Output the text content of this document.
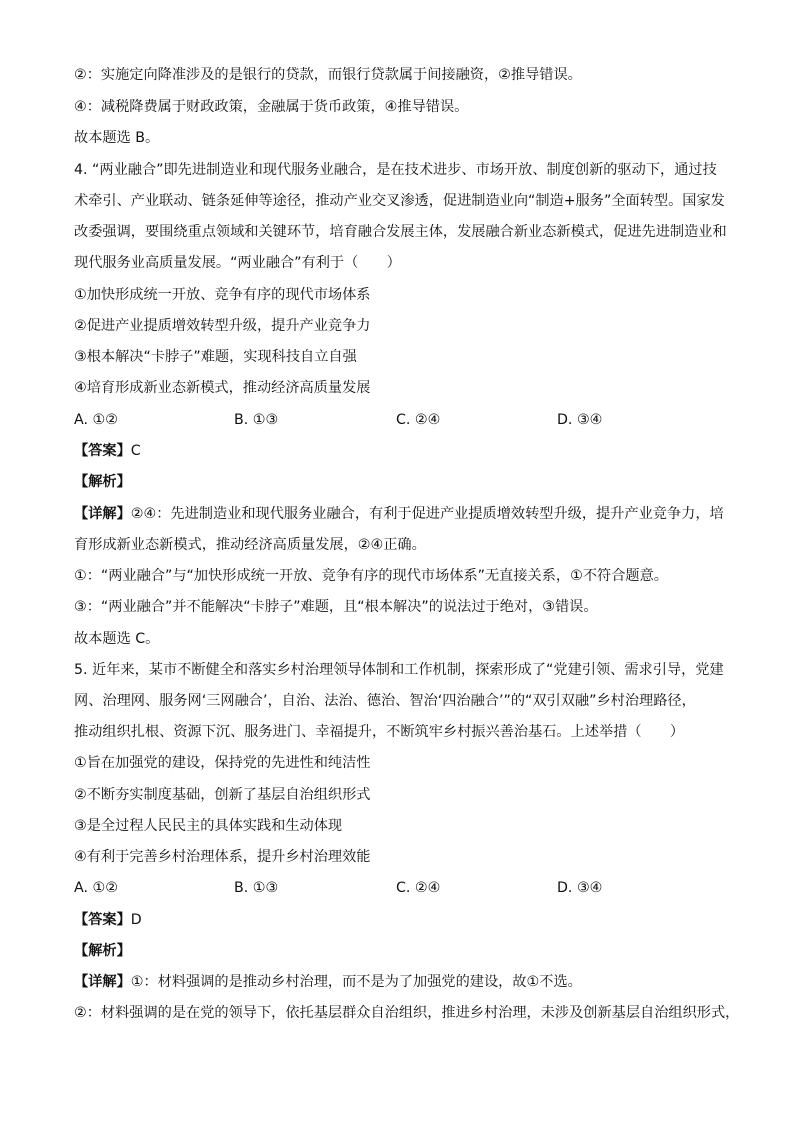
②：实施定向降准涉及的是银行的贷款，而银行贷款属于间接融资，②推导错误。
④：减税降费属于财政政策，金融属于货币政策，④推导错误。
故本题选 B。
4. “两业融合”即先进制造业和现代服务业融合，是在技术进步、市场开放、制度创新的驱动下，通过技
术牵引、产业联动、链条延伸等途径，推动产业交叉渗透，促进制造业向“制造+服务”全面转型。国家发
改委强调，要围绕重点领域和关键环节，培育融合发展主体，发展融合新业态新模式，促进先进制造业和
现代服务业高质量发展。“两业融合”有利于（　　）
①加快形成统一开放、竞争有序的现代市场体系
②促进产业提质增效转型升级，提升产业竞争力
③根本解决“卡脖子”难题，实现科技自立自强
④培育形成新业态新模式，推动经济高质量发展
A. ①②	B. ①③	C. ②④	D. ③④
【答案】C
【解析】
【详解】②④：先进制造业和现代服务业融合，有利于促进产业提质增效转型升级，提升产业竞争力，培
育形成新业态新模式，推动经济高质量发展，②④正确。
①：“两业融合”与“加快形成统一开放、竞争有序的现代市场体系”无直接关系，①不符合题意。
③：“两业融合”并不能解决“卡脖子”难题，且“根本解决”的说法过于绝对，③错误。
故本题选 C。
5. 近年来，某市不断健全和落实乡村治理领导体制和工作机制，探索形成了“党建引领、需求引导，党建
网、治理网、服务网‘三网融合’，自治、法治、德治、智治‘四治融合’”的“双引双融”乡村治理路径，
推动组织扎根、资源下沉、服务进门、幸福提升，不断筑牢乡村振兴善治基石。上述举措（　　）
①旨在加强党的建设，保持党的先进性和纯洁性
②不断夯实制度基础，创新了基层自治组织形式
③是全过程人民民主的具体实践和生动体现
④有利于完善乡村治理体系，提升乡村治理效能
A. ①②	B. ①③	C. ②④	D. ③④
【答案】D
【解析】
【详解】①：材料强调的是推动乡村治理，而不是为了加强党的建设，故①不选。
②：材料强调的是在党的领导下，依托基层群众自治组织，推进乡村治理，未涉及创新基层自治组织形式，
